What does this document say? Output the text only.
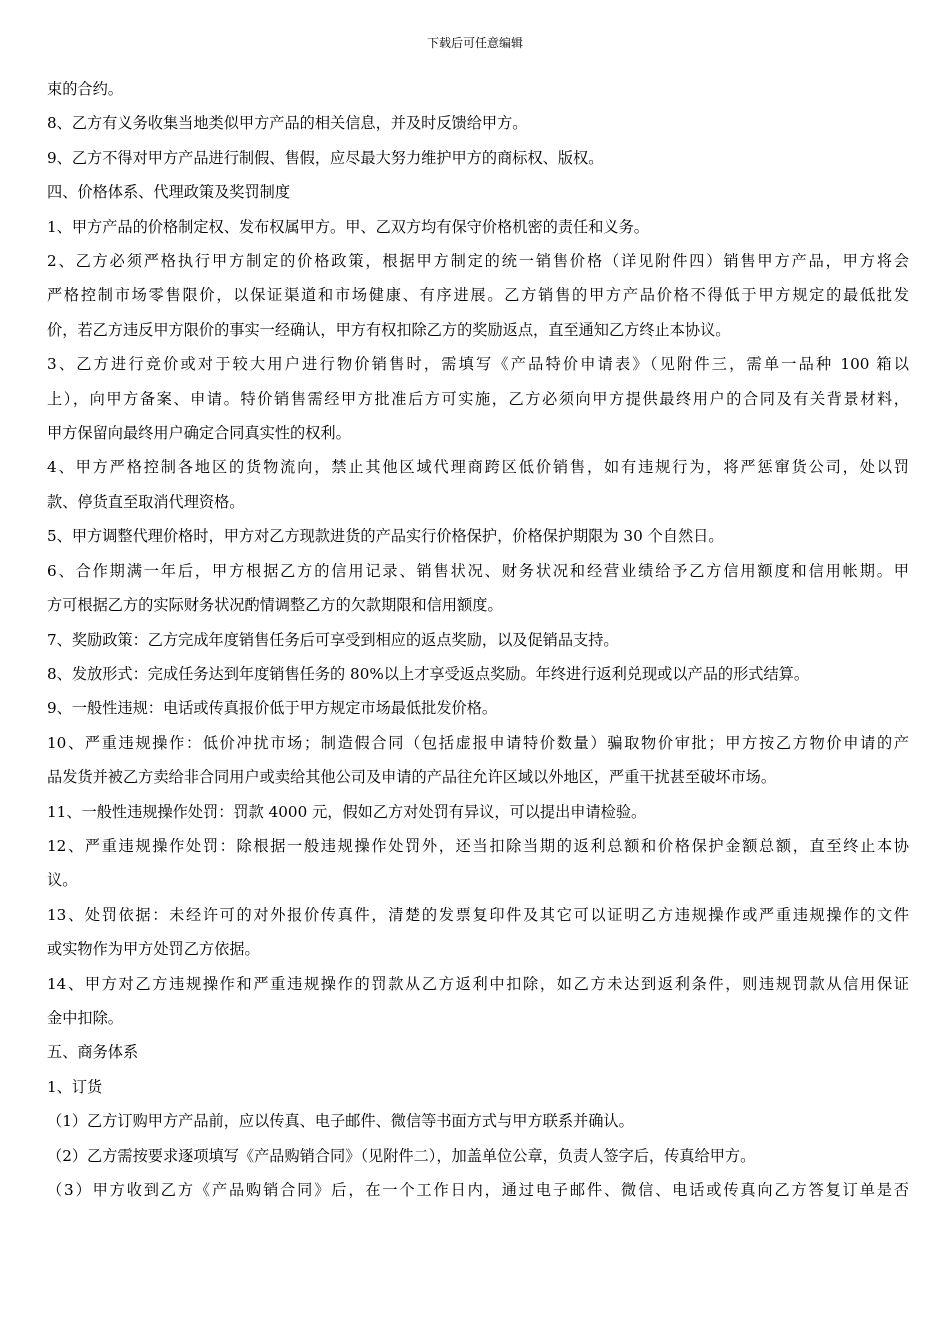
下载后可任意编辑

束的合约。

8、乙方有义务收集当地类似甲方产品的相关信息，并及时反馈给甲方。

9、乙方不得对甲方产品进行制假、售假，应尽最大努力维护甲方的商标权、版权。

四、价格体系、代理政策及奖罚制度

1、甲方产品的价格制定权、发布权属甲方。甲、乙双方均有保守价格机密的责任和义务。

2、乙方必须严格执行甲方制定的价格政策，根据甲方制定的统一销售价格（详见附件四）销售甲方产品，甲方将会

严格控制市场零售限价，以保证渠道和市场健康、有序进展。乙方销售的甲方产品价格不得低于甲方规定的最低批发

价，若乙方违反甲方限价的事实一经确认，甲方有权扣除乙方的奖励返点，直至通知乙方终止本协议。

3、乙方进行竞价或对于较大用户进行物价销售时，需填写《产品特价申请表》（见附件三，需单一品种 100 箱以

上），向甲方备案、申请。特价销售需经甲方批准后方可实施，乙方必须向甲方提供最终用户的合同及有关背景材料，

甲方保留向最终用户确定合同真实性的权利。

4、甲方严格控制各地区的货物流向，禁止其他区域代理商跨区低价销售，如有违规行为，将严惩窜货公司，处以罚

款、停货直至取消代理资格。

5、甲方调整代理价格时，甲方对乙方现款进货的产品实行价格保护，价格保护期限为 30 个自然日。

6、合作期满一年后，甲方根据乙方的信用记录、销售状况、财务状况和经营业绩给予乙方信用额度和信用帐期。甲

方可根据乙方的实际财务状况酌情调整乙方的欠款期限和信用额度。

7、奖励政策：乙方完成年度销售任务后可享受到相应的返点奖励，以及促销品支持。

8、发放形式：完成任务达到年度销售任务的 80%以上才享受返点奖励。年终进行返利兑现或以产品的形式结算。

9、一般性违规：电话或传真报价低于甲方规定市场最低批发价格。

10、严重违规操作：低价冲扰市场；制造假合同（包括虚报申请特价数量）骗取物价审批；甲方按乙方物价申请的产

品发货并被乙方卖给非合同用户或卖给其他公司及申请的产品往允许区域以外地区，严重干扰甚至破坏市场。

11、一般性违规操作处罚：罚款 4000 元，假如乙方对处罚有异议，可以提出申请检验。

12、严重违规操作处罚：除根据一般违规操作处罚外，还当扣除当期的返利总额和价格保护金额总额，直至终止本协

议。

13、处罚依据：未经许可的对外报价传真件，清楚的发票复印件及其它可以证明乙方违规操作或严重违规操作的文件

或实物作为甲方处罚乙方依据。

14、甲方对乙方违规操作和严重违规操作的罚款从乙方返利中扣除，如乙方未达到返利条件，则违规罚款从信用保证

金中扣除。

五、商务体系

1、订货

（1）乙方订购甲方产品前，应以传真、电子邮件、微信等书面方式与甲方联系并确认。

（2）乙方需按要求逐项填写《产品购销合同》（见附件二），加盖单位公章，负责人签字后，传真给甲方。

（3）甲方收到乙方《产品购销合同》后，在一个工作日内，通过电子邮件、微信、电话或传真向乙方答复订单是否
